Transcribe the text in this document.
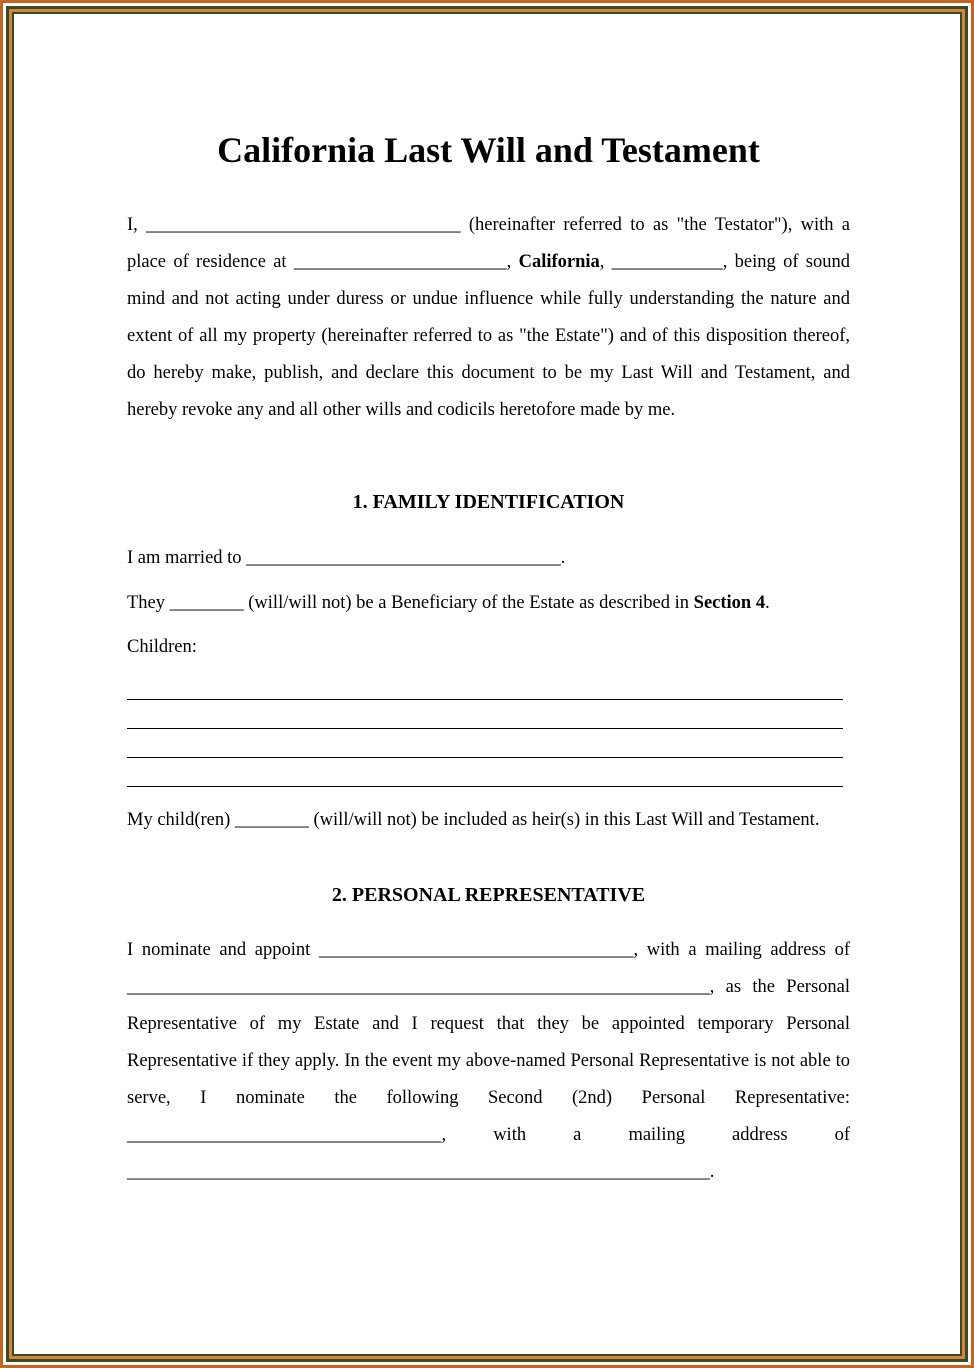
California Last Will and Testament
I, __________________________________ (hereinafter referred to as "the Testator"), with a place of residence at _______________________, California, ____________, being of sound mind and not acting under duress or undue influence while fully understanding the nature and extent of all my property (hereinafter referred to as "the Estate") and of this disposition thereof, do hereby make, publish, and declare this document to be my Last Will and Testament, and hereby revoke any and all other wills and codicils heretofore made by me.
1. FAMILY IDENTIFICATION
I am married to __________________________________.
They ________ (will/will not) be a Beneficiary of the Estate as described in Section 4.
Children:
My child(ren) ________ (will/will not) be included as heir(s) in this Last Will and Testament.
2. PERSONAL REPRESENTATIVE
I nominate and appoint __________________________________, with a mailing address of _______________________________________________________________, as the Personal Representative of my Estate and I request that they be appointed temporary Personal Representative if they apply. In the event my above-named Personal Representative is not able to serve, I nominate the following Second (2nd) Personal Representative: __________________________________, with a mailing address of _______________________________________________________________.
